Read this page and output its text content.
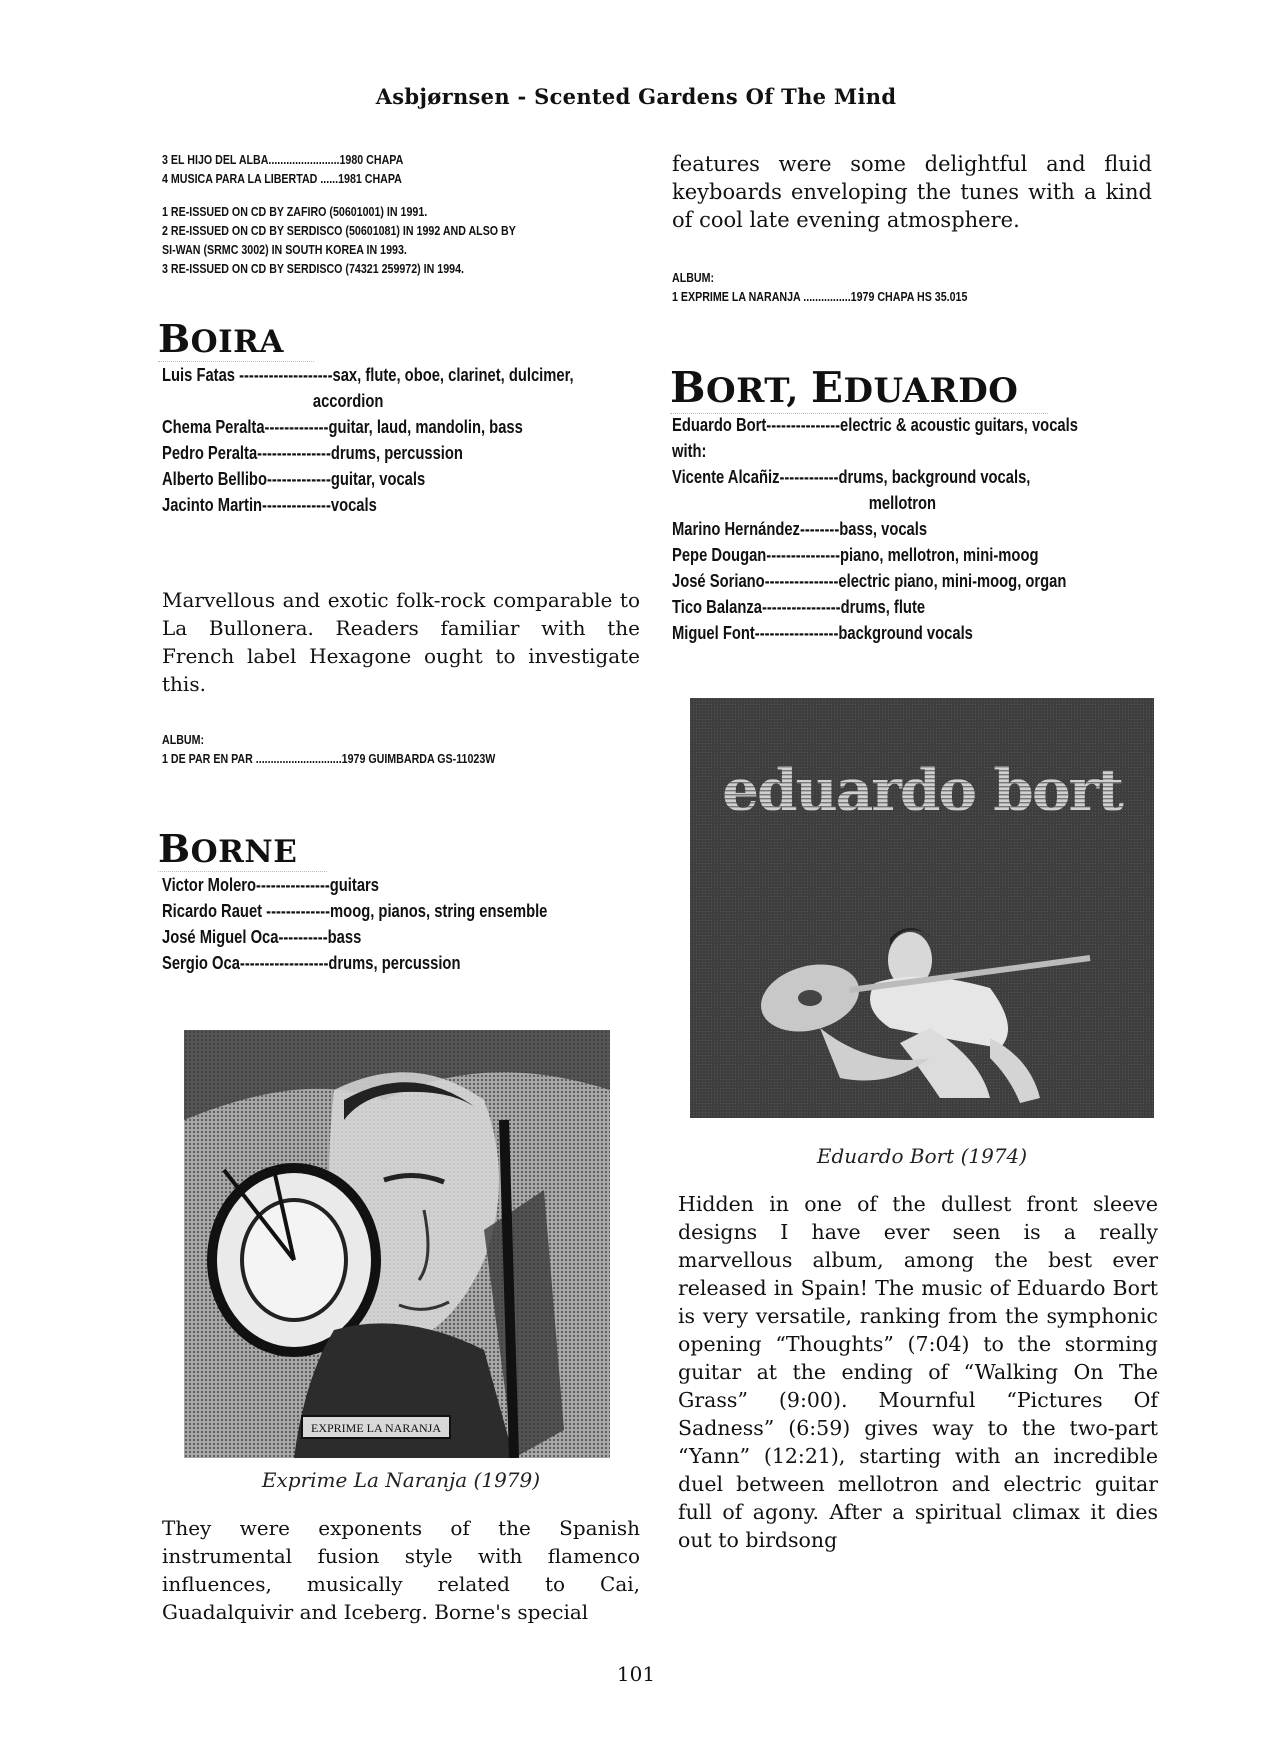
Asbjørnsen - Scented Gardens Of The Mind
3 EL HIJO DEL ALBA........................1980 CHAPA
4 MUSICA PARA LA LIBERTAD ......1981 CHAPA
1 RE-ISSUED ON CD BY ZAFIRO (50601001) IN 1991.
2 RE-ISSUED ON CD BY SERDISCO (50601081) IN 1992 AND ALSO BY
SI-WAN (SRMC 3002) IN SOUTH KOREA IN 1993.
3 RE-ISSUED ON CD BY SERDISCO (74321 259972) IN 1994.
BOIRA
Luis Fatas -------------------sax, flute, oboe, clarinet, dulcimer,
accordion
Chema Peralta-------------guitar, laud, mandolin, bass
Pedro Peralta---------------drums, percussion
Alberto Bellibo-------------guitar, vocals
Jacinto Martin--------------vocals

Marvellous and exotic folk-rock comparable to La Bullonera. Readers familiar with the French label Hexagone ought to investigate this.

ALBUM:
1 DE PAR EN PAR .............................1979 GUIMBARDA GS-11023W
BORNE
Victor Molero---------------guitars
Ricardo Rauet -------------moog, pianos, string ensemble
José Miguel Oca----------bass
Sergio Oca------------------drums, percussion
EXPRIME LA NARANJA
Exprime La Naranja (1979)

They were exponents of the Spanish instrumental fusion style with flamenco influences, musically related to Cai, Guadalquivir and Iceberg. Borne's special

features were some delightful and fluid keyboards enveloping the tunes with a kind of cool late evening atmosphere.

ALBUM:
1 EXPRIME LA NARANJA ................1979 CHAPA HS 35.015
BORT, EDUARDO
Eduardo Bort---------------electric & acoustic guitars, vocals
with:
Vicente Alcañiz------------drums, background vocals,
mellotron
Marino Hernández--------bass, vocals
Pepe Dougan---------------piano, mellotron, mini-moog
José Soriano---------------electric piano, mini-moog, organ
Tico Balanza----------------drums, flute
Miguel Font-----------------background vocals
eduardo bort
Eduardo Bort (1974)

Hidden in one of the dullest front sleeve designs I have ever seen is a really marvellous album, among the best ever released in Spain! The music of Eduardo Bort is very versatile, ranking from the symphonic opening “Thoughts” (7:04) to the storming guitar at the ending of “Walking On The Grass” (9:00). Mournful “Pictures Of Sadness” (6:59) gives way to the two-part “Yann” (12:21), starting with an incredible duel between mellotron and electric guitar full of agony. After a spiritual climax it dies out to birdsong

101
